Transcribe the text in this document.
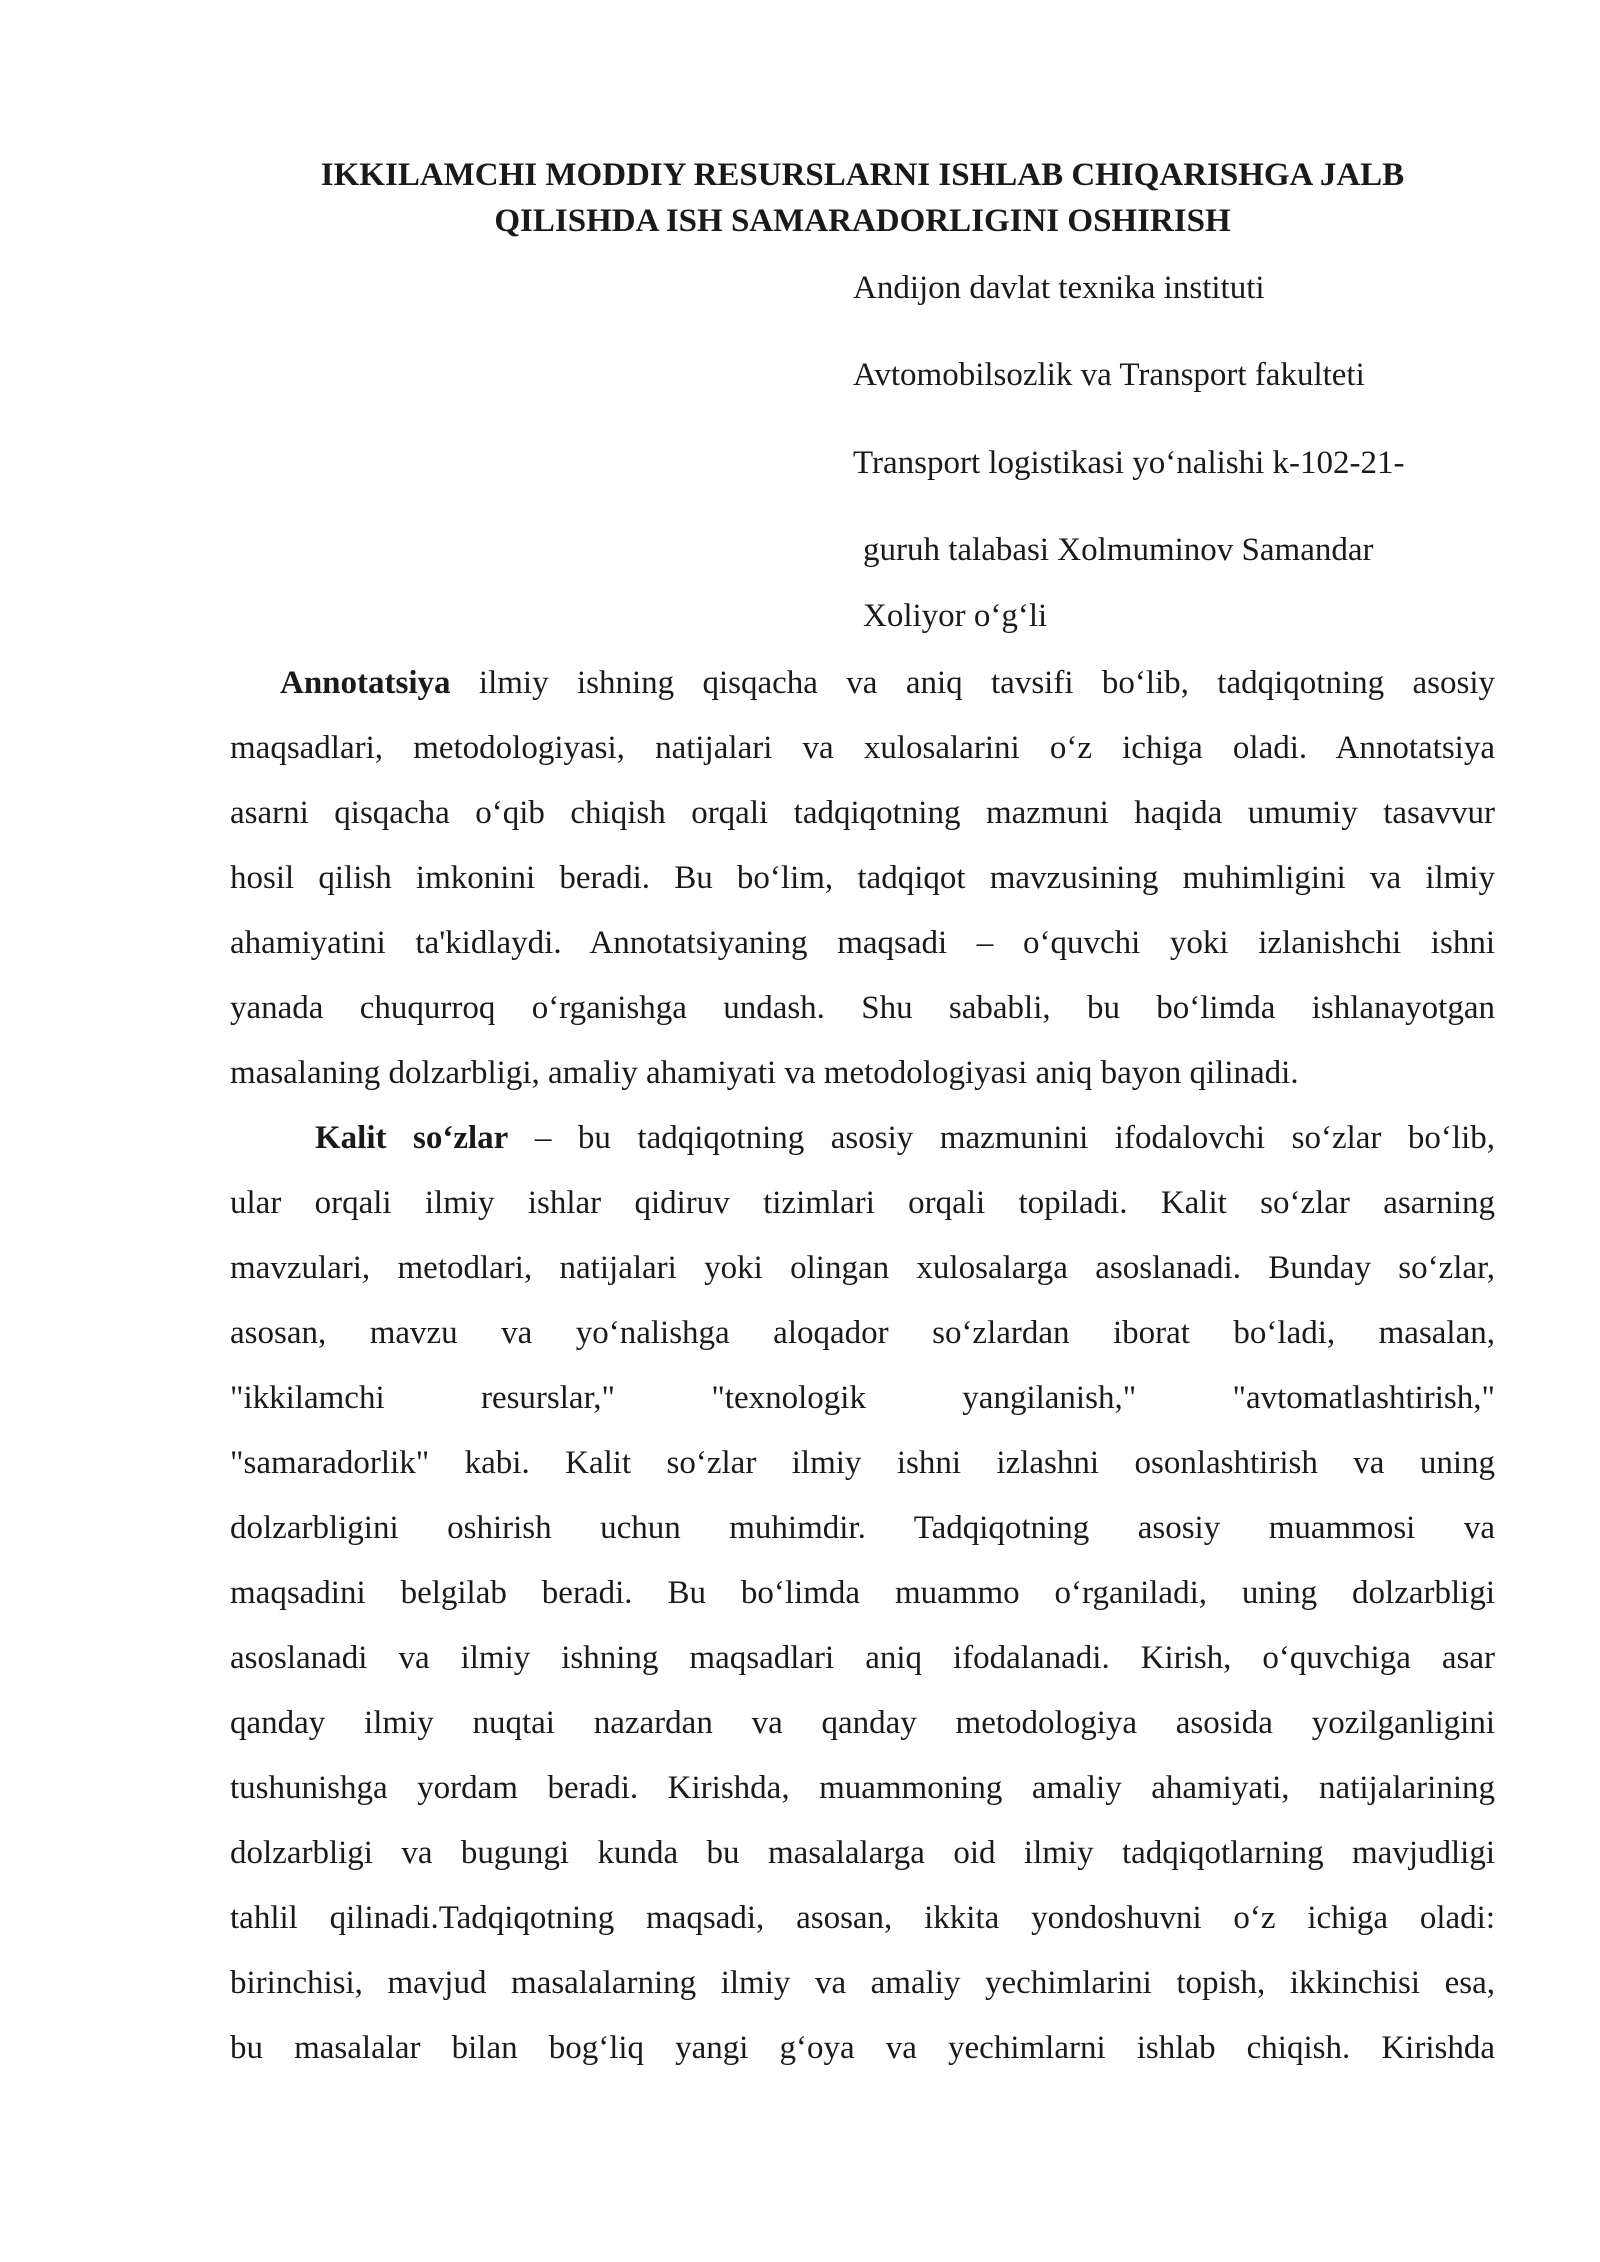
IKKILAMCHI MODDIY RESURSLARNI ISHLAB CHIQARISHGA JALB
QILISHDA ISH SAMARADORLIGINI OSHIRISH
Andijon davlat texnika instituti
Avtomobilsozlik va Transport fakulteti
Transport logistikasi yo‘nalishi k-102-21-
guruh talabasi Xolmuminov Samandar
Xoliyor o‘g‘li
Annotatsiya ilmiy ishning qisqacha va aniq tavsifi bo‘lib, tadqiqotning asosiy
maqsadlari, metodologiyasi, natijalari va xulosalarini o‘z ichiga oladi. Annotatsiya
asarni qisqacha o‘qib chiqish orqali tadqiqotning mazmuni haqida umumiy tasavvur
hosil qilish imkonini beradi. Bu bo‘lim, tadqiqot mavzusining muhimligini va ilmiy
ahamiyatini ta'kidlaydi. Annotatsiyaning maqsadi – o‘quvchi yoki izlanishchi ishni
yanada chuqurroq o‘rganishga undash. Shu sababli, bu bo‘limda ishlanayotgan
masalaning dolzarbligi, amaliy ahamiyati va metodologiyasi aniq bayon qilinadi.
Kalit so‘zlar – bu tadqiqotning asosiy mazmunini ifodalovchi so‘zlar bo‘lib,
ular orqali ilmiy ishlar qidiruv tizimlari orqali topiladi. Kalit so‘zlar asarning
mavzulari, metodlari, natijalari yoki olingan xulosalarga asoslanadi. Bunday so‘zlar,
asosan, mavzu va yo‘nalishga aloqador so‘zlardan iborat bo‘ladi, masalan,
"ikkilamchi resurslar," "texnologik yangilanish," "avtomatlashtirish,"
"samaradorlik" kabi. Kalit so‘zlar ilmiy ishni izlashni osonlashtirish va uning
dolzarbligini oshirish uchun muhimdir. Tadqiqotning asosiy muammosi va
maqsadini belgilab beradi. Bu bo‘limda muammo o‘rganiladi, uning dolzarbligi
asoslanadi va ilmiy ishning maqsadlari aniq ifodalanadi. Kirish, o‘quvchiga asar
qanday ilmiy nuqtai nazardan va qanday metodologiya asosida yozilganligini
tushunishga yordam beradi. Kirishda, muammoning amaliy ahamiyati, natijalarining
dolzarbligi va bugungi kunda bu masalalarga oid ilmiy tadqiqotlarning mavjudligi
tahlil qilinadi.Tadqiqotning maqsadi, asosan, ikkita yondoshuvni o‘z ichiga oladi:
birinchisi, mavjud masalalarning ilmiy va amaliy yechimlarini topish, ikkinchisi esa,
bu masalalar bilan bog‘liq yangi g‘oya va yechimlarni ishlab chiqish. Kirishda
